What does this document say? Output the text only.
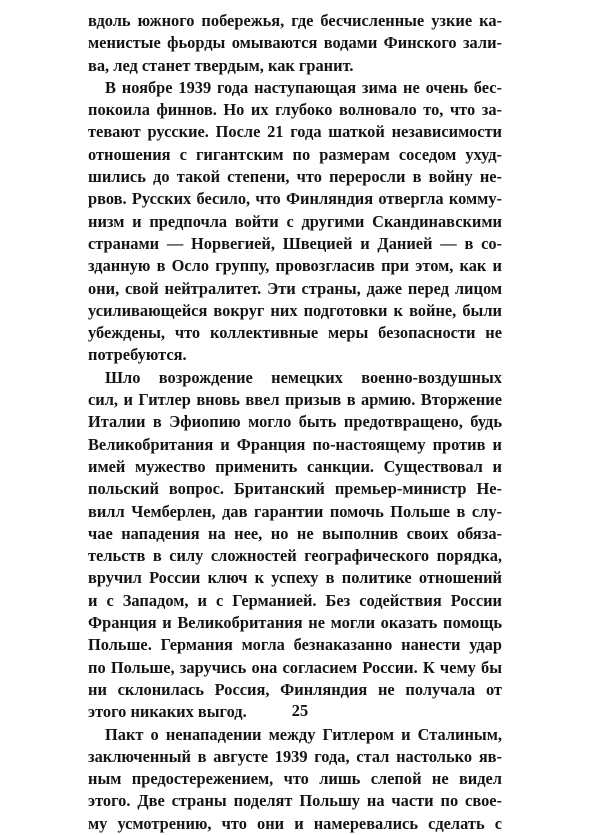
вдоль южного побережья, где бесчисленные узкие ка-
менистые фьорды омываются водами Финского зали-
ва, лед станет твердым, как гранит.
В ноябре 1939 года наступающая зима не очень бес-
покоила финнов. Но их глубоко волновало то, что за-
тевают русские. После 21 года шаткой независимости
отношения с гигантским по размерам соседом ухуд-
шились до такой степени, что переросли в войну не-
рвов. Русских бесило, что Финляндия отвергла комму-
низм и предпочла войти с другими Скандинавскими
странами — Норвегией, Швецией и Данией — в со-
зданную в Осло группу, провозгласив при этом, как и
они, свой нейтралитет. Эти страны, даже перед лицом
усиливающейся вокруг них подготовки к войне, были
убеждены, что коллективные меры безопасности не
потребуются.
Шло возрождение немецких военно-воздушных
сил, и Гитлер вновь ввел призыв в армию. Вторжение
Италии в Эфиопию могло быть предотвращено, будь
Великобритания и Франция по-настоящему против и
имей мужество применить санкции. Существовал и
польский вопрос. Британский премьер-министр Не-
вилл Чемберлен, дав гарантии помочь Польше в слу-
чае нападения на нее, но не выполнив своих обяза-
тельств в силу сложностей географического порядка,
вручил России ключ к успеху в политике отношений
и с Западом, и с Германией. Без содействия России
Франция и Великобритания не могли оказать помощь
Польше. Германия могла безнаказанно нанести удар
по Польше, заручись она согласием России. К чему бы
ни склонилась Россия, Финляндия не получала от
этого никаких выгод.
Пакт о ненападении между Гитлером и Сталиным,
заключенный в августе 1939 года, стал настолько яв-
ным предостережением, что лишь слепой не видел
этого. Две страны поделят Польшу на части по свое-
му усмотрению, что они и намеревались сделать с
25
